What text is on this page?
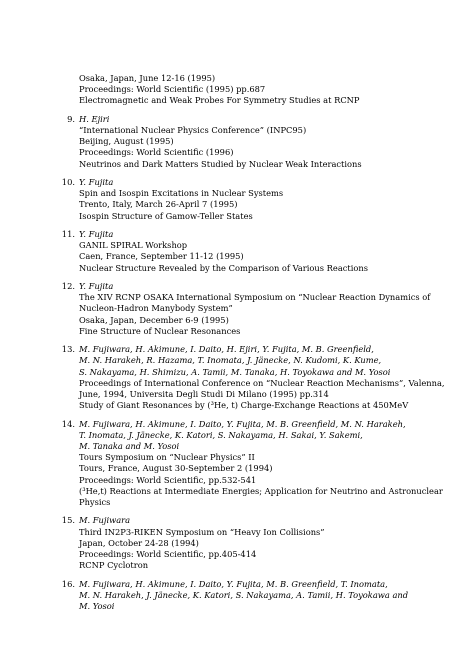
Osaka, Japan, June 12-16 (1995)
Proceedings: World Scientific (1995) pp.687
Electromagnetic and Weak Probes For Symmetry Studies at RCNP
9. H. Ejiri
“International Nuclear Physics Conference” (INPC95)
Beijing, August (1995)
Proceedings: World Scientific (1996)
Neutrinos and Dark Matters Studied by Nuclear Weak Interactions
10. Y. Fujita
Spin and Isospin Excitations in Nuclear Systems
Trento, Italy, March 26-April 7 (1995)
Isospin Structure of Gamow-Teller States
11. Y. Fujita
GANIL SPIRAL Workshop
Caen, France, September 11-12 (1995)
Nuclear Structure Revealed by the Comparison of Various Reactions
12. Y. Fujita
The XIV RCNP OSAKA International Symposium on “Nuclear Reaction Dynamics of
Nucleon-Hadron Manybody System”
Osaka, Japan, December 6-9 (1995)
Fine Structure of Nuclear Resonances
13. M. Fujiwara, H. Akimune, I. Daito, H. Ejiri, Y. Fujita, M. B. Greenfield,
M. N. Harakeh, R. Hazama, T. Inomata, J. Jänecke, N. Kudomi, K. Kume,
S. Nakayama, H. Shimizu, A. Tamii, M. Tanaka, H. Toyokawa and M. Yosoi
Proceedings of International Conference on “Nuclear Reaction Mechanisms”, Valenna,
June, 1994, Universita Degli Studi Di Milano (1995) pp.314
Study of Giant Resonances by (³He, t) Charge-Exchange Reactions at 450MeV
14. M. Fujiwara, H. Akimune, I. Daito, Y. Fujita, M. B. Greenfield, M. N. Harakeh,
T. Inomata, J. Jänecke, K. Katori, S. Nakayama, H. Sakai, Y. Sakemi,
M. Tanaka and M. Yosoi
Tours Symposium on “Nuclear Physics” II
Tours, France, August 30-September 2 (1994)
Proceedings: World Scientific, pp.532-541
(³He,t) Reactions at Intermediate Energies; Application for Neutrino and Astronuclear
Physics
15. M. Fujiwara
Third IN2P3-RIKEN Symposium on “Heavy Ion Collisions”
Japan, October 24-28 (1994)
Proceedings: World Scientific, pp.405-414
RCNP Cyclotron
16. M. Fujiwara, H. Akimune, I. Daito, Y. Fujita, M. B. Greenfield, T. Inomata,
M. N. Harakeh, J. Jänecke, K. Katori, S. Nakayama, A. Tamii, H. Toyokawa and
M. Yosoi
